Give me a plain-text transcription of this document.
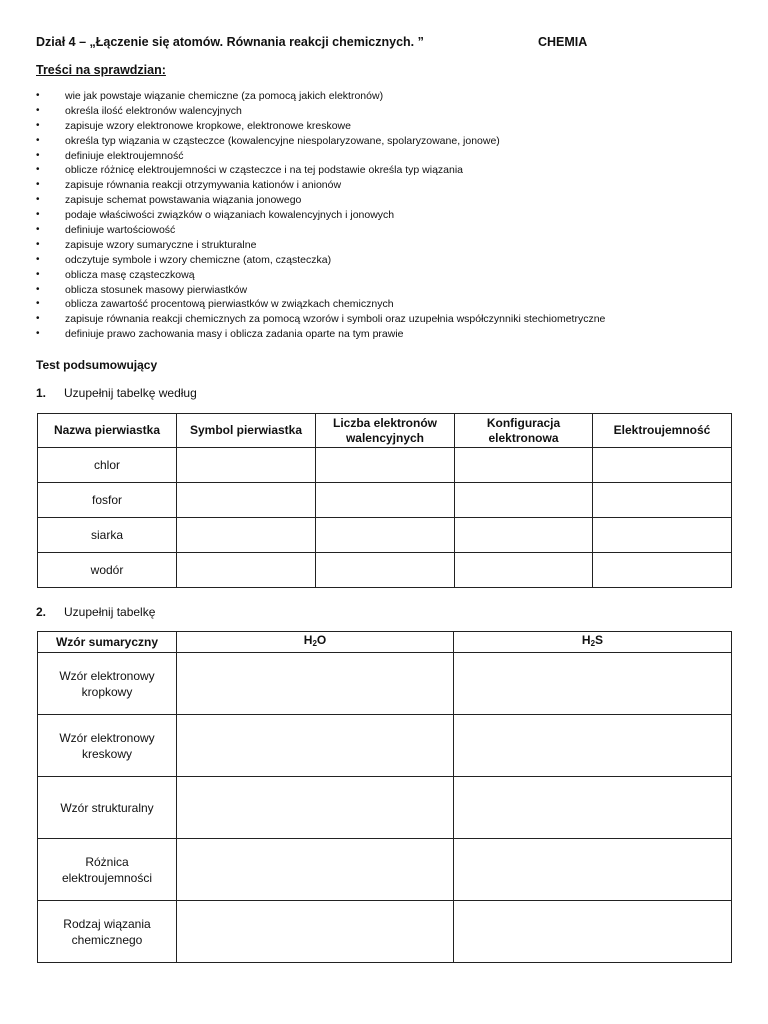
Dział 4 – „Łączenie się atomów. Równania reakcji chemicznych. ”	CHEMIA
Treści na sprawdzian:
• wie jak powstaje wiązanie chemiczne (za pomocą jakich elektronów)
• określa ilość elektronów walencyjnych
• zapisuje wzory elektronowe kropkowe, elektronowe kreskowe
• określa typ wiązania w cząsteczce (kowalencyjne niespolaryzowane, spolaryzowane, jonowe)
• definiuje elektroujemność
• oblicze różnicę elektroujemności w cząsteczce i na tej podstawie określa typ wiązania
• zapisuje równania reakcji otrzymywania kationów i anionów
• zapisuje schemat powstawania wiązania jonowego
• podaje właściwości związków o wiązaniach kowalencyjnych i jonowych
• definiuje wartościowość
• zapisuje wzory sumaryczne i strukturalne
• odczytuje symbole i wzory chemiczne (atom, cząsteczka)
• oblicza masę cząsteczkową
• oblicza stosunek masowy pierwiastków
• oblicza zawartość procentową pierwiastków w związkach chemicznych
• zapisuje równania reakcji chemicznych za pomocą wzorów i symboli oraz uzupełnia współczynniki stechiometryczne
• definiuje prawo zachowania masy i oblicza zadania oparte na tym prawie
Test podsumowujący
1. Uzupełnij tabelkę według
Nazwa pierwiastka	Symbol pierwiastka	Liczba elektronów walencyjnych	Konfiguracja elektronowa	Elektroujemność
chlor				
fosfor				
siarka				
wodór				
2. Uzupełnij tabelkę
Wzór sumaryczny	$H_2O$	$H_2S$
Wzór elektronowy kropkowy		
Wzór elektronowy kreskowy		
Wzór strukturalny		
Różnica elektroujemności		
Rodzaj wiązania chemicznego		
